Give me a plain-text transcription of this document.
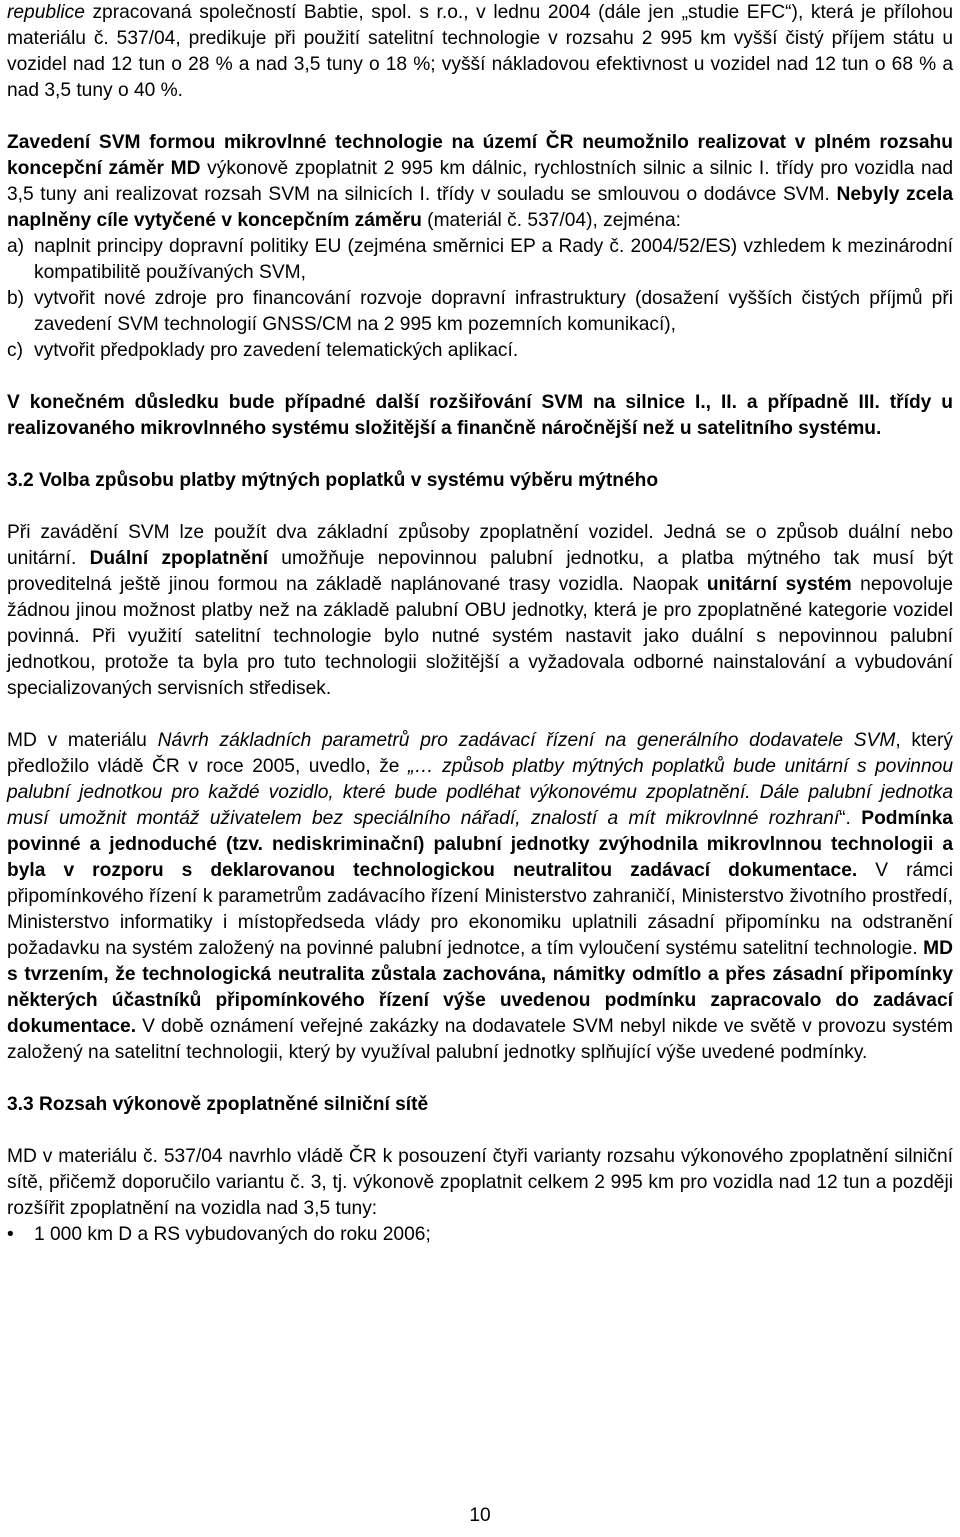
republice zpracovaná společností Babtie, spol. s r.o., v lednu 2004 (dále jen „studie EFC“), která je přílohou materiálu č. 537/04, predikuje při použití satelitní technologie v rozsahu 2 995 km vyšší čistý příjem státu u vozidel nad 12 tun o 28 % a nad 3,5 tuny o 18 %; vyšší nákladovou efektivnost u vozidel nad 12 tun o 68 % a nad 3,5 tuny o 40 %.

Zavedení SVM formou mikrovlnné technologie na území ČR neumožnilo realizovat v plném rozsahu koncepční záměr MD výkonově zpoplatnit 2 995 km dálnic, rychlostních silnic a silnic I. třídy pro vozidla nad 3,5 tuny ani realizovat rozsah SVM na silnicích I. třídy v souladu se smlouvou o dodávce SVM. Nebyly zcela naplněny cíle vytyčené v koncepčním záměru (materiál č. 537/04), zejména:

a) naplnit principy dopravní politiky EU (zejména směrnici EP a Rady č. 2004/52/ES) vzhledem k mezinárodní kompatibilitě používaných SVM,
b) vytvořit nové zdroje pro financování rozvoje dopravní infrastruktury (dosažení vyšších čistých příjmů při zavedení SVM technologií GNSS/CM na 2 995 km pozemních komunikací),
c) vytvořit předpoklady pro zavedení telematických aplikací.

V konečném důsledku bude případné další rozšiřování SVM na silnice I., II. a případně III. třídy u realizovaného mikrovlnného systému složitější a finančně náročnější než u satelitního systému.

3.2 Volba způsobu platby mýtných poplatků v systému výběru mýtného

Při zavádění SVM lze použít dva základní způsoby zpoplatnění vozidel. Jedná se o způsob duální nebo unitární. Duální zpoplatnění umožňuje nepovinnou palubní jednotku, a platba mýtného tak musí být proveditelná ještě jinou formou na základě naplánované trasy vozidla. Naopak unitární systém nepovoluje žádnou jinou možnost platby než na základě palubní OBU jednotky, která je pro zpoplatněné kategorie vozidel povinná. Při využití satelitní technologie bylo nutné systém nastavit jako duální s nepovinnou palubní jednotkou, protože ta byla pro tuto technologii složitější a vyžadovala odborné nainstalování a vybudování specializovaných servisních středisek.

MD v materiálu Návrh základních parametrů pro zadávací řízení na generálního dodavatele SVM, který předložilo vládě ČR v roce 2005, uvedlo, že „… způsob platby mýtných poplatků bude unitární s povinnou palubní jednotkou pro každé vozidlo, které bude podléhat výkonovému zpoplatnění. Dále palubní jednotka musí umožnit montáž uživatelem bez speciálního nářadí, znalostí a mít mikrovlnné rozhraní“. Podmínka povinné a jednoduché (tzv. nediskriminační) palubní jednotky zvýhodnila mikrovlnnou technologii a byla v rozporu s deklarovanou technologickou neutralitou zadávací dokumentace. V rámci připomínkového řízení k parametrům zadávacího řízení Ministerstvo zahraničí, Ministerstvo životního prostředí, Ministerstvo informatiky i místopředseda vlády pro ekonomiku uplatnili zásadní připomínku na odstranění požadavku na systém založený na povinné palubní jednotce, a tím vyloučení systému satelitní technologie. MD s tvrzením, že technologická neutralita zůstala zachována, námitky odmítlo a přes zásadní připomínky některých účastníků připomínkového řízení výše uvedenou podmínku zapracovalo do zadávací dokumentace. V době oznámení veřejné zakázky na dodavatele SVM nebyl nikde ve světě v provozu systém založený na satelitní technologii, který by využíval palubní jednotky splňující výše uvedené podmínky.

3.3 Rozsah výkonově zpoplatněné silniční sítě

MD v materiálu č. 537/04 navrhlo vládě ČR k posouzení čtyři varianty rozsahu výkonového zpoplatnění silniční sítě, přičemž doporučilo variantu č. 3, tj. výkonově zpoplatnit celkem 2 995 km pro vozidla nad 12 tun a později rozšířit zpoplatnění na vozidla nad 3,5 tuny:

•	1 000 km D a RS vybudovaných do roku 2006;
10
